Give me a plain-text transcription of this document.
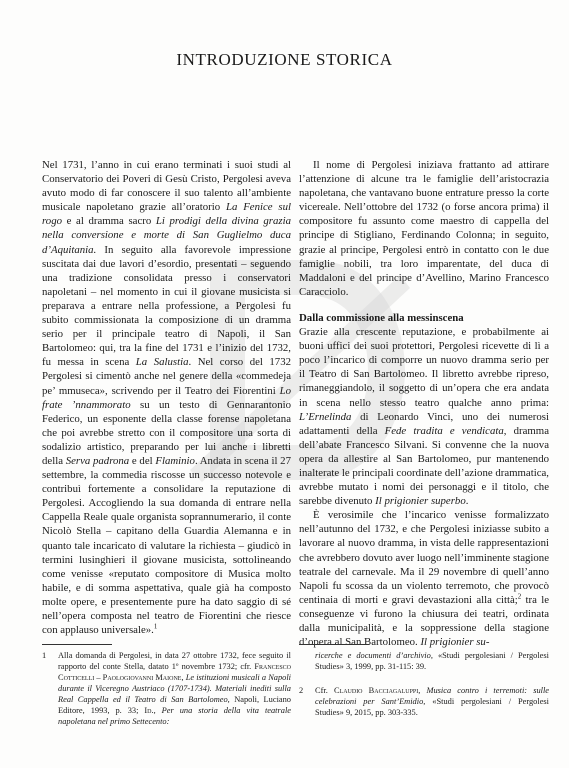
INTRODUZIONE STORICA

Nel 1731, l’anno in cui erano terminati i suoi studi al Conservatorio dei Poveri di Gesù Cristo, Pergolesi aveva avuto modo di far conoscere il suo talento all’ambiente musicale napoletano grazie all’oratorio La Fenice sul rogo e al dramma sacro Li prodigi della divina grazia nella conversione e morte di San Guglielmo duca d’Aquitania. In seguito alla favorevole impressione suscitata dai due lavori d’esordio, presentati – seguendo una tradizione consolidata presso i conservatori napoletani – nel momento in cui il giovane musicista si preparava a entrare nella professione, a Pergolesi fu subito commissionata la composizione di un dramma serio per il principale teatro di Napoli, il San Bartolomeo: qui, tra la fine del 1731 e l’inizio del 1732, fu messa in scena La Salustia. Nel corso del 1732 Pergolesi si cimentò anche nel genere della «commedeja pe’ mmuseca», scrivendo per il Teatro dei Fiorentini Lo frate ’nnammorato su un testo di Gennarantonio Federico, un esponente della classe forense napoletana che poi avrebbe stretto con il compositore una sorta di sodalizio artistico, preparando per lui anche i libretti della Serva padrona e del Flaminio. Andata in scena il 27 settembre, la commedia riscosse un successo notevole e contribuì fortemente a consolidare la reputazione di Pergolesi. Accogliendo la sua domanda di entrare nella Cappella Reale quale organista soprannumerario, il conte Nicolò Stella – capitano della Guardia Alemanna e in quanto tale incaricato di valutare la richiesta – giudicò in termini lusinghieri il giovane musicista, sottolineando come venisse «reputato compositore di Musica molto habile, e di somma aspettativa, quale già ha composto molte opere, e presentemente pure ha dato saggio di sé nell’opera composta nel teatro de Fiorentini che riesce con applauso universale».$^1$

Il nome di Pergolesi iniziava frattanto ad attirare l’attenzione di alcune tra le famiglie dell’aristocrazia napoletana, che vantavano buone entrature presso la corte vicereale. Nell’ottobre del 1732 (o forse ancora prima) il compositore fu assunto come maestro di cappella del principe di Stigliano, Ferdinando Colonna; in seguito, grazie al principe, Pergolesi entrò in contatto con le due famiglie nobili, tra loro imparentate, del duca di Maddaloni e del principe d’Avellino, Marino Francesco Caracciolo.

Dalla commissione alla messinscena

Grazie alla crescente reputazione, e probabilmente ai buoni uffici dei suoi protettori, Pergolesi ricevette di lì a poco l’incarico di comporre un nuovo dramma serio per il Teatro di San Bartolomeo. Il libretto avrebbe ripreso, rimaneggiandolo, il soggetto di un’opera che era andata in scena nello stesso teatro qualche anno prima: L’Ernelinda di Leonardo Vinci, uno dei numerosi adattamenti della Fede tradita e vendicata, dramma dell’abate Francesco Silvani. Si convenne che la nuova opera da allestire al San Bartolomeo, pur mantenendo inalterate le principali coordinate dell’azione drammatica, avrebbe mutato i nomi dei personaggi e il titolo, che sarebbe divenuto Il prigionier superbo.

È verosimile che l’incarico venisse formalizzato nell’autunno del 1732, e che Pergolesi iniziasse subito a lavorare al nuovo dramma, in vista delle rappresentazioni che avrebbero dovuto aver luogo nell’imminente stagione teatrale del carnevale. Ma il 29 novembre di quell’anno Napoli fu scossa da un violento terremoto, che provocò centinaia di morti e gravi devastazioni alla città;$^2$ tra le conseguenze vi furono la chiusura dei teatri, ordinata dalla municipalità, e la soppressione della stagione d’opera al San Bartolomeo. Il prigionier su-

1 Alla domanda di Pergolesi, in data 27 ottobre 1732, fece seguito il rapporto del conte Stella, datato 1º novembre 1732; cfr. Francesco Cotticelli – Paologiovanni Maione, Le istituzioni musicali a Napoli durante il Viceregno Austriaco (1707-1734). Materiali inediti sulla Real Cappella ed il Teatro di San Bartolomeo, Napoli, Luciano Editore, 1993, p. 33; Id., Per una storia della vita teatrale napoletana nel primo Settecento:
ricerche e documenti d’archivio, «Studi pergolesiani / Pergolesi Studies» 3, 1999, pp. 31-115: 39.
2 Cfr. Claudio Bacciagaluppi, Musica contro i terremoti: sulle celebrazioni per Sant’Emidio, «Studi pergolesiani / Pergolesi Studies» 9, 2015, pp. 303-335.
